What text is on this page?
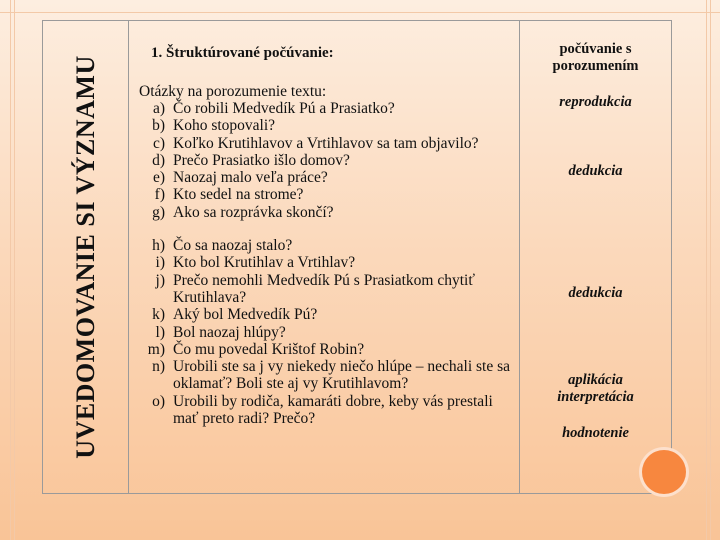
UVEDOMOVANIE SI VÝZNAMU
1. Štruktúrované počúvanie:
Otázky na porozumenie textu:
a) Čo robili Medvedík Pú a Prasiatko?
b) Koho stopovali?
c) Koľko Krutihlavov a Vrtihlavov sa tam objavilo?
d) Prečo Prasiatko išlo domov?
e) Naozaj malo veľa práce?
f) Kto sedel na strome?
g) Ako sa rozprávka skončí?
h) Čo sa naozaj stalo?
i) Kto bol Krutihlav a Vrtihlav?
j) Prečo nemohli Medvedík Pú s Prasiatkom chytiť Krutihlava?
k) Aký bol Medvedík Pú?
l) Bol naozaj hlúpy?
m) Čo mu povedal Krištof Robin?
n) Urobili ste sa j vy niekedy niečo hlúpe – nechali ste sa oklamať? Boli ste aj vy Krutihlavom?
o) Urobili by rodiča, kamaráti dobre, keby vás prestali mať preto radi? Prečo?
počúvanie s
porozumením
reprodukcia
dedukcia
dedukcia
aplikácia
interpretácia
hodnotenie
